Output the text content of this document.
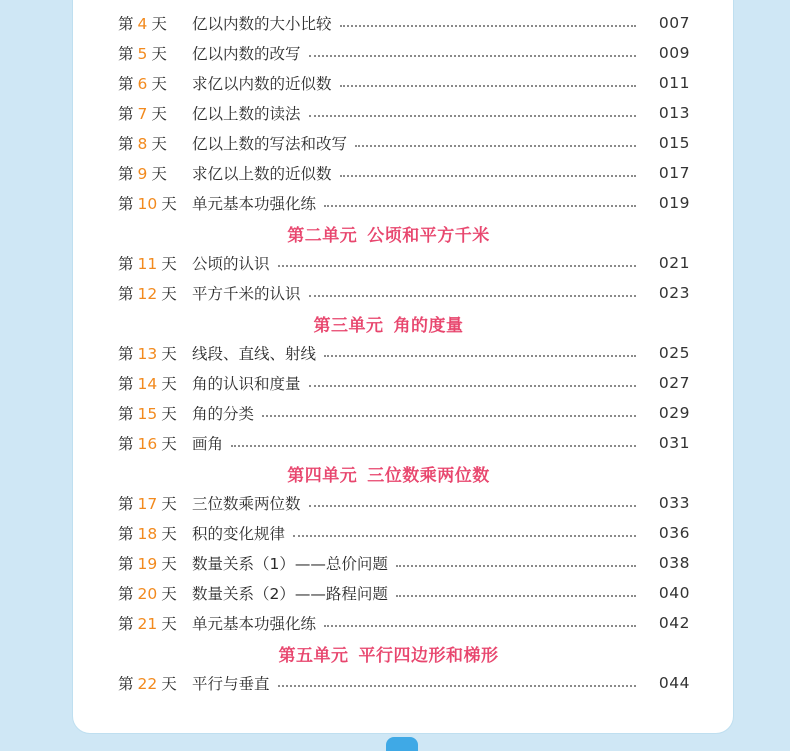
第 4 天	亿以内数的大小比较	007
第 5 天	亿以内数的改写	009
第 6 天	求亿以内数的近似数	011
第 7 天	亿以上数的读法	013
第 8 天	亿以上数的写法和改写	015
第 9 天	求亿以上数的近似数	017
第 10 天 单元基本功强化练	019
第二单元 公顷和平方千米
第 11 天 公顷的认识	021
第 12 天 平方千米的认识	023
第三单元 角的度量
第 13 天 线段、直线、射线	025
第 14 天 角的认识和度量	027
第 15 天 角的分类	029
第 16 天 画角	031
第四单元 三位数乘两位数
第 17 天 三位数乘两位数	033
第 18 天 积的变化规律	036
第 19 天 数量关系（1）——总价问题	038
第 20 天 数量关系（2）——路程问题	040
第 21 天 单元基本功强化练	042
第五单元 平行四边形和梯形
第 22 天 平行与垂直	044
